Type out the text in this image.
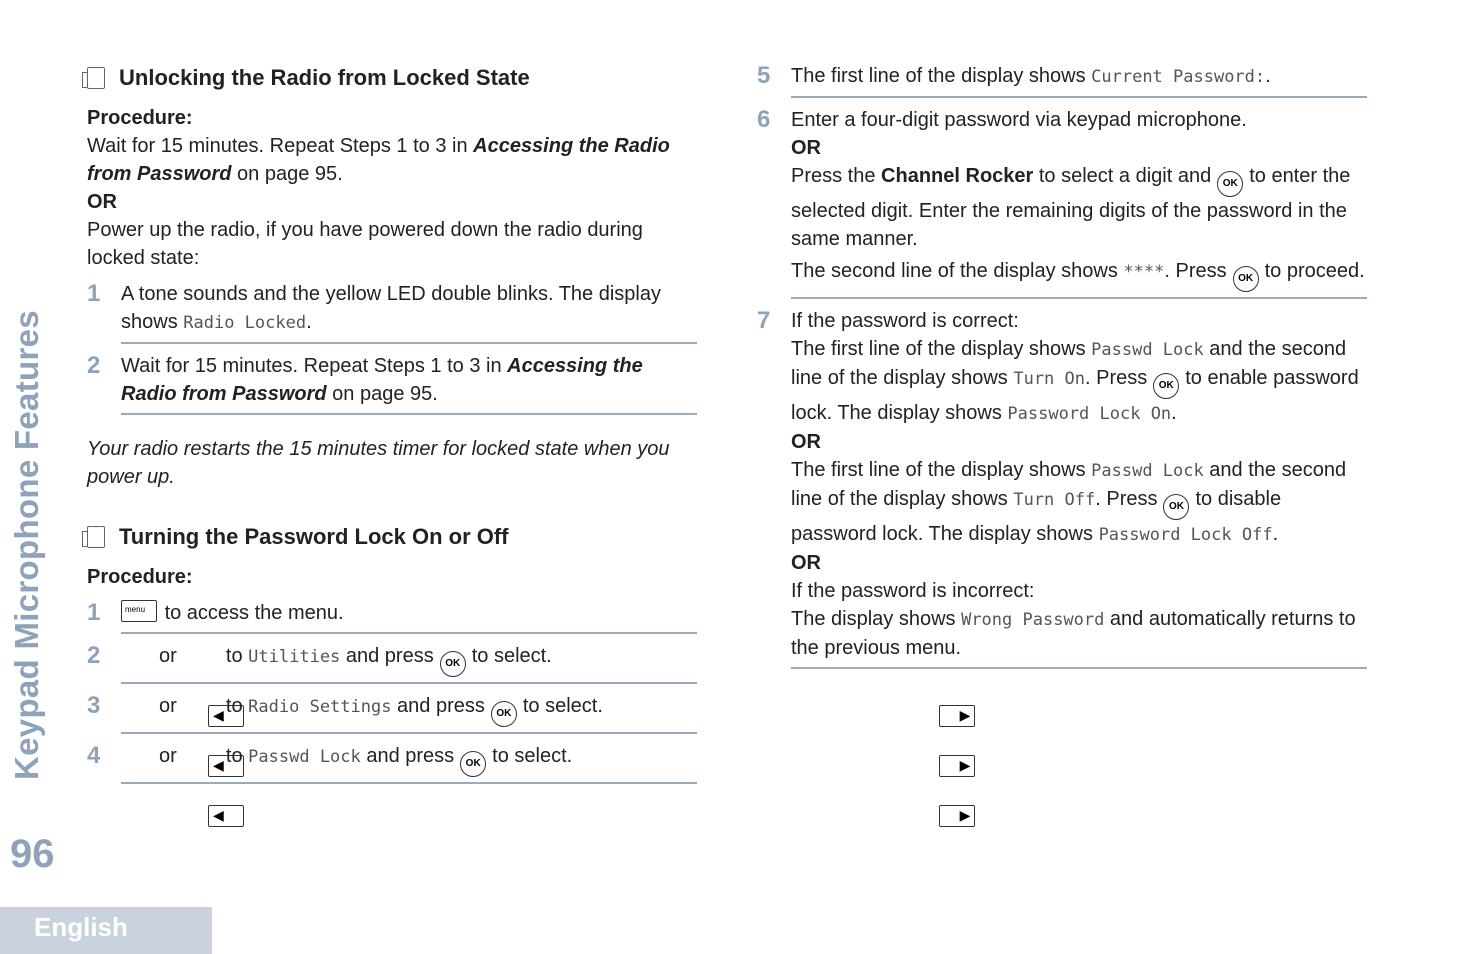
Keypad Microphone Features
96
English
Unlocking the Radio from Locked State

Procedure:

Wait for 15 minutes. Repeat Steps 1 to 3 in Accessing the Radio from Password on page 95.

OR

Power up the radio, if you have powered down the radio during locked state:

1	A tone sounds and the yellow LED double blinks. The display shows Radio Locked.
2	Wait for 15 minutes. Repeat Steps 1 to 3 in Accessing the Radio from Password on page 95.

Your radio restarts the 15 minutes timer for locked state when you power up.

Turning the Password Lock On or Off

Procedure:

1	menu to access the menu.
2
◀
or
▶
to Utilities and press OK to select.
3
◀
or
▶
to Radio Settings and press OK to select.
4
◀
or
▶
to Passwd Lock and press OK to select.
5	The first line of the display shows Current Password:.
6	Enter a four-digit password via keypad microphone.
OR
Press the Channel Rocker to select a digit and OK to enter the selected digit. Enter the remaining digits of the password in the same manner.
The second line of the display shows ****. Press OK to proceed.
7	If the password is correct:
The first line of the display shows Passwd Lock and the second line of the display shows Turn On. Press OK to enable password lock. The display shows Password Lock On.
OR
The first line of the display shows Passwd Lock and the second line of the display shows Turn Off. Press OK to disable password lock. The display shows Password Lock Off.
OR
If the password is incorrect:
The display shows Wrong Password and automatically returns to the previous menu.
